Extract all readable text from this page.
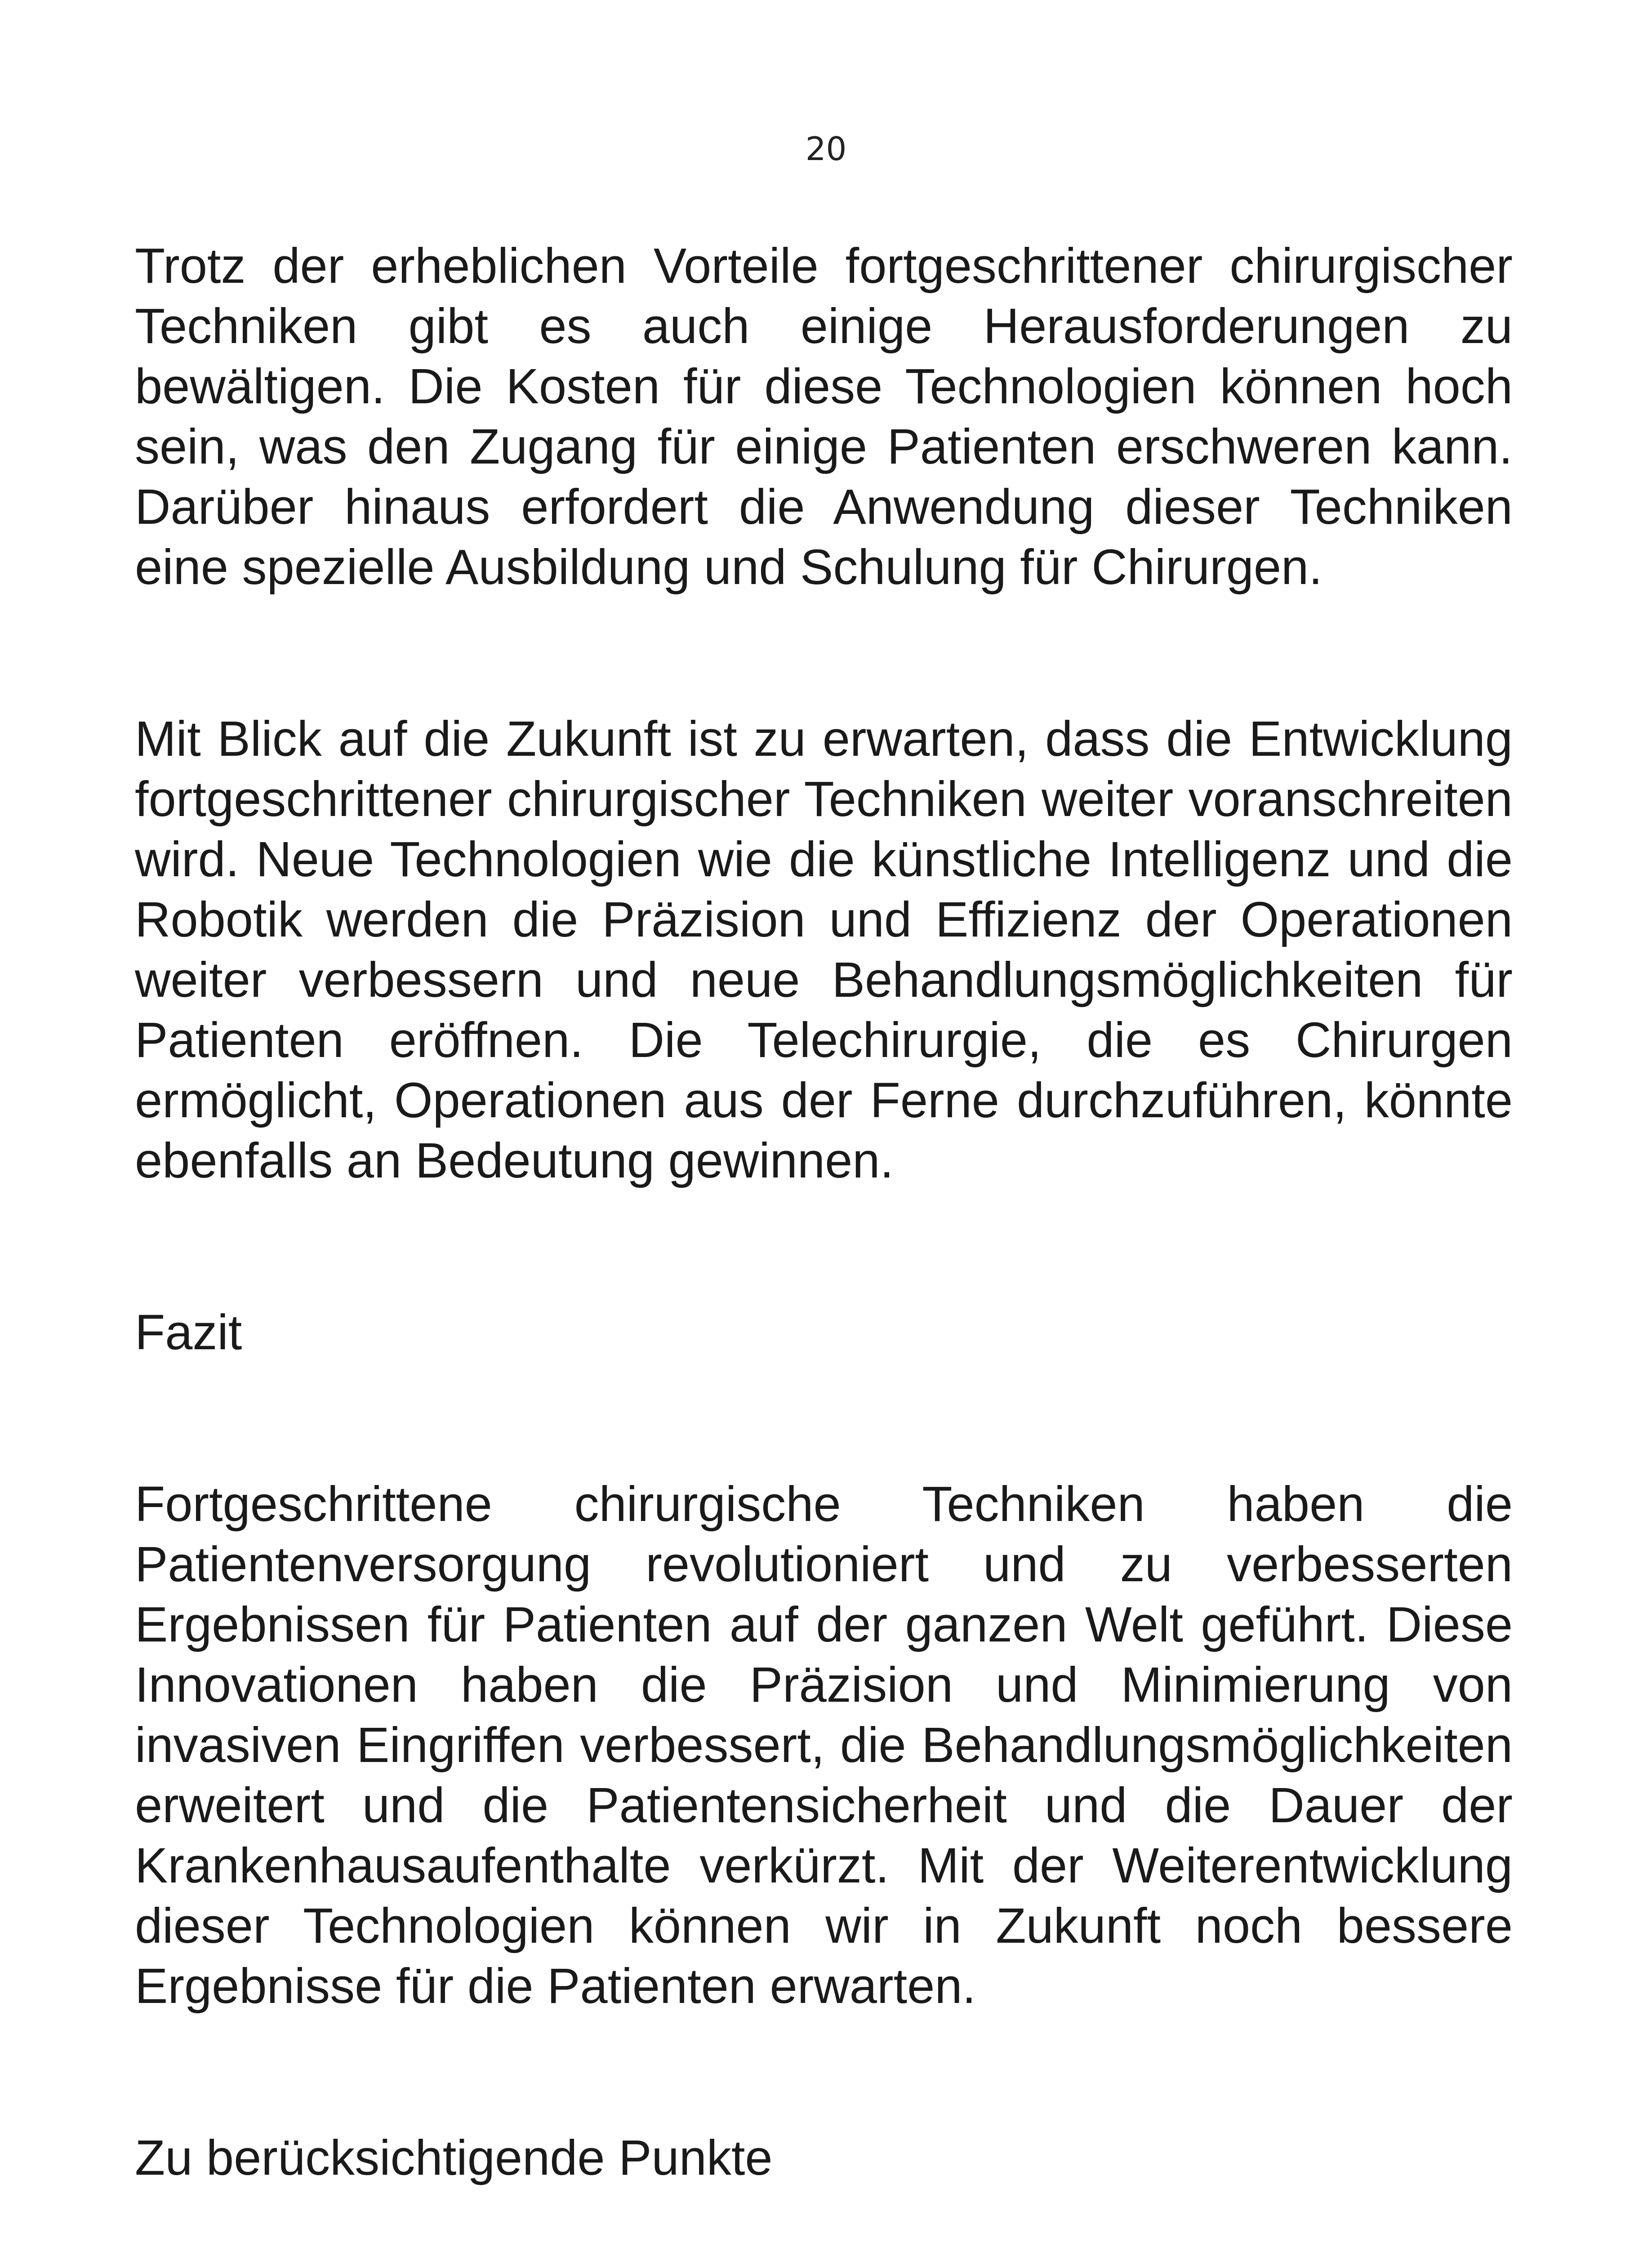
20

Trotz der erheblichen Vorteile fortgeschrittener chirurgischer Techniken gibt es auch einige Herausforderungen zu bewältigen. Die Kosten für diese Technologien können hoch sein, was den Zugang für einige Patienten erschweren kann. Darüber hinaus erfordert die Anwendung dieser Techniken eine spezielle Ausbildung und Schulung für Chirurgen.

Mit Blick auf die Zukunft ist zu erwarten, dass die Entwicklung fortgeschrittener chirurgischer Techniken weiter voranschreiten wird. Neue Technologien wie die künstliche Intelligenz und die Robotik werden die Präzision und Effizienz der Operationen weiter verbessern und neue Behandlungsmöglichkeiten für Patienten eröffnen. Die Telechirurgie, die es Chirurgen ermöglicht, Operationen aus der Ferne durchzuführen, könnte ebenfalls an Bedeutung gewinnen.

Fazit

Fortgeschrittene chirurgische Techniken haben die Patientenversorgung revolutioniert und zu verbesserten Ergebnissen für Patienten auf der ganzen Welt geführt. Diese Innovationen haben die Präzision und Minimierung von invasiven Eingriffen verbessert, die Behandlungsmöglichkeiten erweitert und die Patientensicherheit und die Dauer der Krankenhausaufenthalte verkürzt. Mit der Weiterentwicklung dieser Technologien können wir in Zukunft noch bessere Ergebnisse für die Patienten erwarten.

Zu berücksichtigende Punkte
